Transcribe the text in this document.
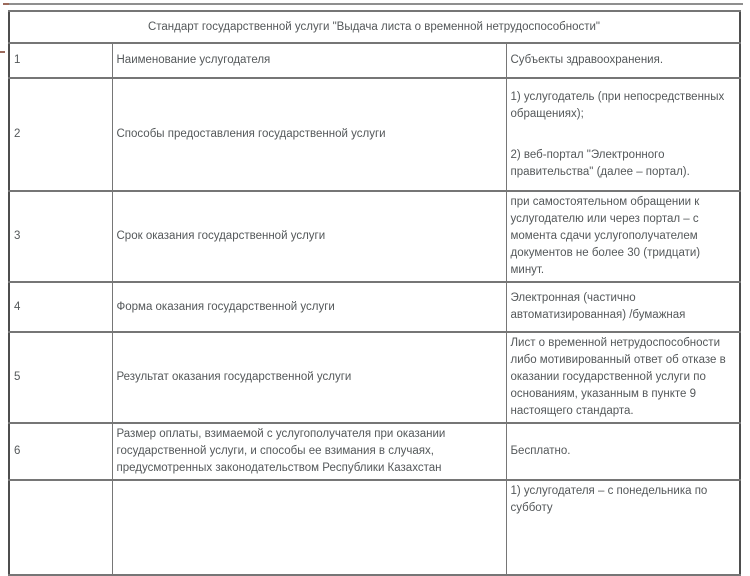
Стандарт государственной услуги "Выдача листа о временной нетрудоспособности"		
1	Наименование услугодателя	Субъекты здравоохранения.

2	Способы предоставления государственной услуги	1) услугодатель (при непосредственных обращениях);
2) веб-портал "Электронного правительства" (далее – портал).

3	Срок оказания государственной услуги	при самостоятельном обращении к услугодателю или через портал – с момента сдачи услугополучателем документов не более 30 (тридцати) минут.

4	Форма оказания государственной услуги	Электронная (частично автоматизированная) /бумажная

5	Результат оказания государственной услуги	Лист о временной нетрудоспособности либо мотивированный ответ об отказе в оказании государственной услуги по основаниям, указанным в пункте 9 настоящего стандарта.

6	Размер оплаты, взимаемой с услугополучателя при оказании государственной услуги, и способы ее взимания в случаях, предусмотренных законодательством Республики Казахстан	Бесплатно.

		1) услугодателя – с понедельника по субботу
